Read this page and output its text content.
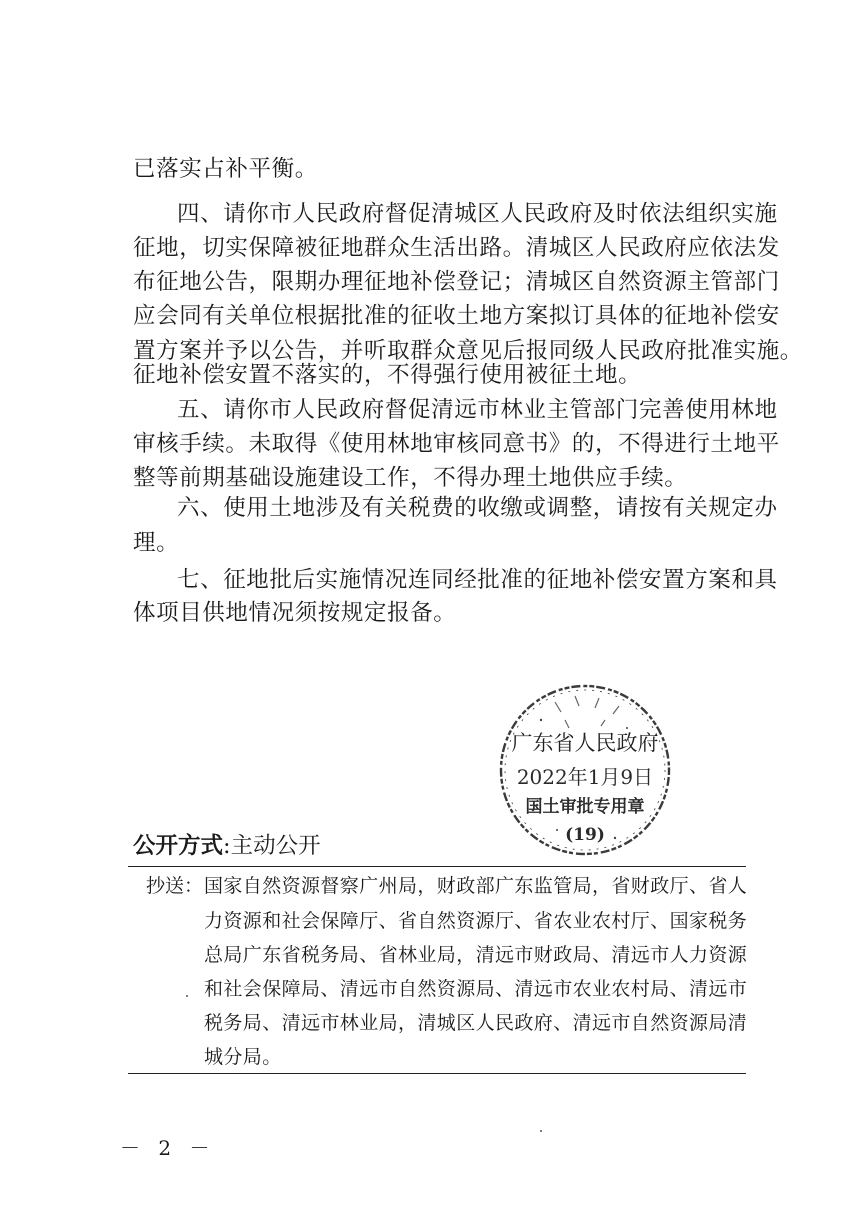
已落实占补平衡。
四、请你市人民政府督促清城区人民政府及时依法组织实施
征地，切实保障被征地群众生活出路。清城区人民政府应依法发
布征地公告，限期办理征地补偿登记；清城区自然资源主管部门
应会同有关单位根据批准的征收土地方案拟订具体的征地补偿安
置方案并予以公告，并听取群众意见后报同级人民政府批准实施。
征地补偿安置不落实的，不得强行使用被征土地。
五、请你市人民政府督促清远市林业主管部门完善使用林地
审核手续。未取得《使用林地审核同意书》的，不得进行土地平
整等前期基础设施建设工作，不得办理土地供应手续。
六、使用土地涉及有关税费的收缴或调整，请按有关规定办
理。
七、征地批后实施情况连同经批准的征地补偿安置方案和具
体项目供地情况须按规定报备。
广东省人民政府
2022年1月9日
国土审批专用章
(19)
公开方式:主动公开
抄送： 国家自然资源督察广州局，财政部广东监管局，省财政厅、省人
力资源和社会保障厅、省自然资源厅、省农业农村厅、国家税务
总局广东省税务局、省林业局，清远市财政局、清远市人力资源
和社会保障局、清远市自然资源局、清远市农业农村局、清远市
税务局、清远市林业局，清城区人民政府、清远市自然资源局清
城分局。
－ 2 －
